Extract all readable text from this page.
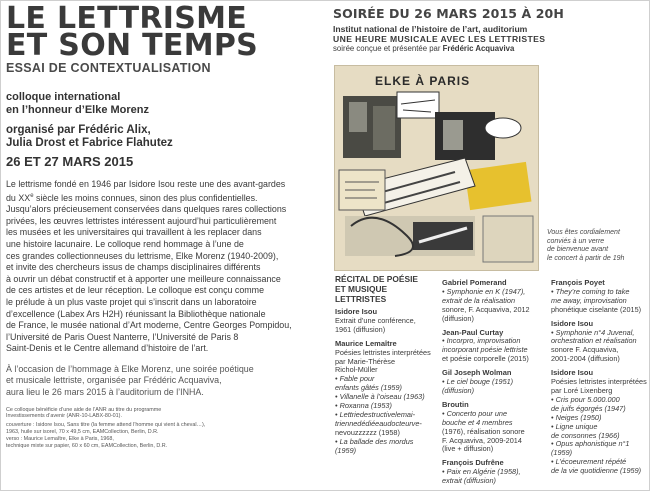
LE LETTRISME
ET SON TEMPS
ESSAI DE CONTEXTUALISATION
colloque international
en l’honneur d’Elke Morenz
organisé par Frédéric Alix,
Julia Drost et Fabrice Flahutez
26 ET 27 MARS 2015
Le lettrisme fondé en 1946 par Isidore Isou reste une des avant-gardes
du XXe siècle les moins connues, sinon des plus confidentielles.
Jusqu’alors précieusement conservées dans quelques rares collections
privées, les œuvres lettristes intéressent aujourd’hui particulièrement
les musées et les universitaires qui travaillent à les replacer dans
une histoire lacunaire. Le colloque rend hommage à l’une de
ces grandes collectionneuses du lettrisme, Elke Morenz (1940-2009),
et invite des chercheurs issus de champs disciplinaires différents
à ouvrir un débat constructif et à apporter une meilleure connaissance
de ces artistes et de leur réception. Le colloque est conçu comme
le prélude à un plus vaste projet qui s’inscrit dans un laboratoire
d’excellence (Labex Ars H2H) réunissant la Bibliothèque nationale
de France, le musée national d’Art moderne, Centre Georges Pompidou,
l’Université de Paris Ouest Nanterre, l’Université de Paris 8
Saint-Denis et le Centre allemand d’histoire de l’art.
À l’occasion de l’hommage à Elke Morenz, une soirée poétique
et musicale lettriste, organisée par Frédéric Acquaviva,
aura lieu le 26 mars 2015 à l’auditorium de l’INHA.
Ce colloque bénéficie d’une aide de l’ANR au titre du programme
Investissements d’avenir (ANR-10-LABX-80-01).
couverture : Isidore Isou, Sans titre (la femme attend l’homme qui vient à cheval…),
1963, huile sur isorel, 70 x 49,5 cm, EAMCollection, Berlin, D.R.
verso : Maurice Lemaître, Elke à Paris, 1968,
technique mixte sur papier, 60 x 60 cm, EAMCollection, Berlin, D.R.
SOIRÉE DU 26 MARS 2015 À 20H
Institut national de l’histoire de l’art, auditorium
UNE HEURE MUSICALE AVEC LES LETTRISTES
soirée conçue et présentée par Frédéric Acquaviva
ELKE À PARIS
Vous êtes cordialement
conviés à un verre
de bienvenue avant
le concert à partir de 19h
RÉCITAL DE POÉSIE
ET MUSIQUE
LETTRISTES
Isidore Isou
Extrait d’une conférence,
1961 (diffusion)
Maurice Lemaître
Poésies lettristes interprétées
par Marie-Thérèse
Richol-Müller
• Fable pour
enfants gâtés (1959)
• Villanelle à l’oiseau (1963)
• Roxanna (1953)
• Lettriedestructivelemai-
triennedédiéeaudocteurve-
nevouzzzzzz (1958)
• La ballade des mordus
(1959)
Gabriel Pomerand
• Symphonie en K (1947),
extrait de la réalisation
sonore, F. Acquaviva, 2012
(diffusion)
Jean-Paul Curtay
• Incorpro, improvisation
incorporant poésie lettriste
et poésie corporelle (2015)
Gil Joseph Wolman
• Le ciel bouge (1951)
(diffusion)
Broutin
• Concerto pour une
bouche et 4 membres
(1976), réalisation sonore
F. Acquaviva, 2009-2014
(live + diffusion)
François Dufrêne
• Paix en Algérie (1958),
extrait (diffusion)
François Poyet
• They’re coming to take
me away, improvisation
phonétique ciselante (2015)
Isidore Isou
• Symphonie n°4 Juvenal,
orchestration et réalisation
sonore F. Acquaviva,
2001-2004 (diffusion)
Isidore Isou
Poésies lettristes interprétées
par Loré Lixenberg
• Cris pour 5.000.000
de juifs égorgés (1947)
• Neiges (1950)
• Ligne unique
de consonnes (1966)
• Opus aphonistique n°1 (1959)
• L’écoeurement répété
de la vie quotidienne (1959)
